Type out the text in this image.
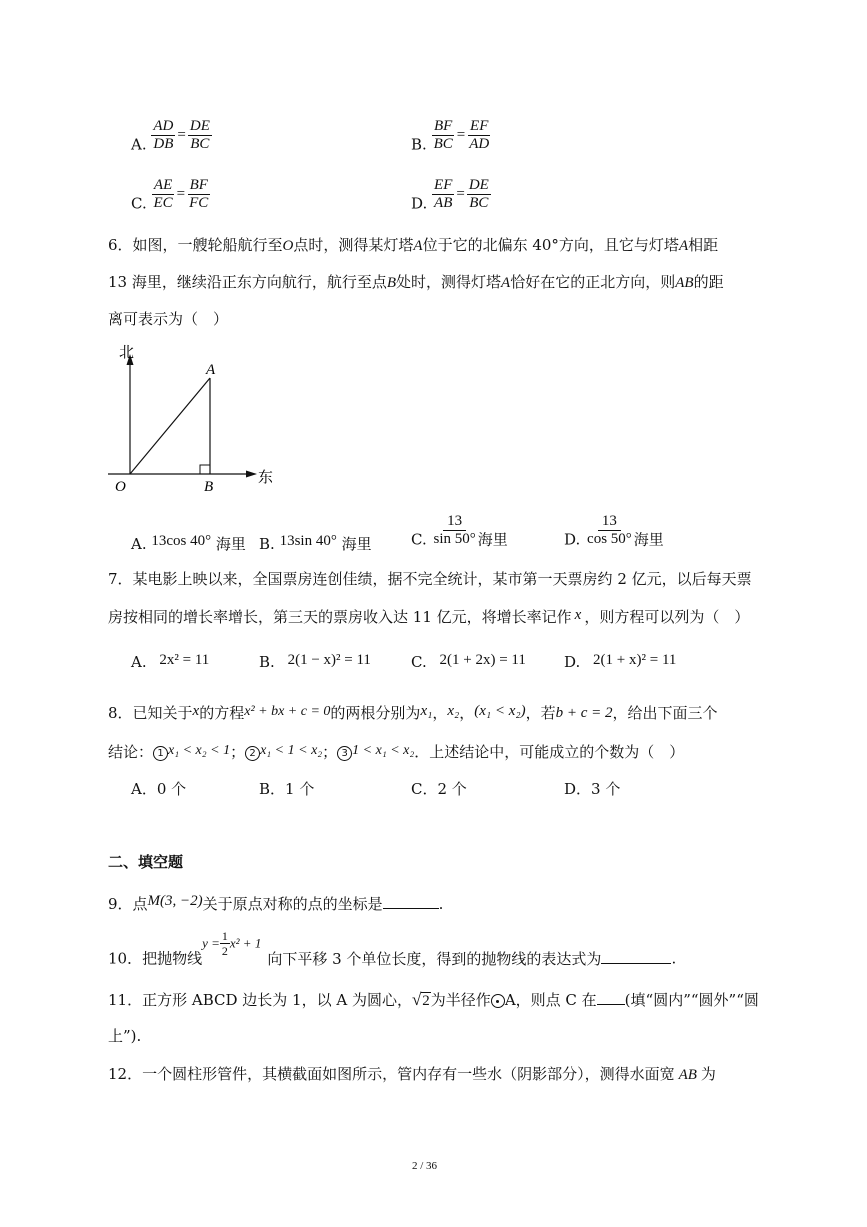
A. $\frac{AD}{DB} = \frac{DE}{BC}$	B. $\frac{BF}{BC} = \frac{EF}{AD}$
C. $\frac{AE}{EC} = \frac{BF}{FC}$	D. $\frac{EF}{AB} = \frac{DE}{BC}$
6．如图，一艘轮船航行至O点时，测得某灯塔A位于它的北偏东 40°方向，且它与灯塔A相距
13 海里，继续沿正东方向航行，航行至点B处时，测得灯塔A恰好在它的正北方向，则AB的距
离可表示为（　）
北
东
A
O	B
A. 13cos 40° 海里 B. 13sin 40° 海里	C. $\frac{13}{\sin 50^\circ}$ 海里	D. $\frac{13}{\cos 50^\circ}$ 海里
7．某电影上映以来，全国票房连创佳绩，据不完全统计，某市第一天票房约 2 亿元，以后每天票
房按相同的增长率增长，第三天的票房收入达 11 亿元，将增长率记作 x ，则方程可以列为（　）
A. 2x² = 11	B. 2(1 − x)² = 11	C. 2(1 + 2x) = 11	D. 2(1 + x)² = 11
8．已知关于x的方程x² + bx + c = 0的两根分别为x₁，x₂，(x₁ < x₂)，若b + c = 2，给出下面三个
结论： 1 x₁ < x₂ < 1； 2 x₁ < 1 < x₂； 3 1 < x₁ < x₂．上述结论中，可能成立的个数为（　）
A．0 个	B．1 个	C．2 个	D．3 个
二、填空题
9．点M(3, −2)关于原点对称的点的坐标是	.
10．把抛物线$y = \frac{1}{2} x^2 + 1$向下平移 3 个单位长度，得到的抛物线的表达式为	.
11．正方形 ABCD 边长为 1，以 A 为圆心，√2为半径作 A，则点 C 在 (填“圆内”“圆外”“圆
上”).
12．一个圆柱形管件，其横截面如图所示，管内存有一些水（阴影部分），测得水面宽 AB 为
2 / 36
